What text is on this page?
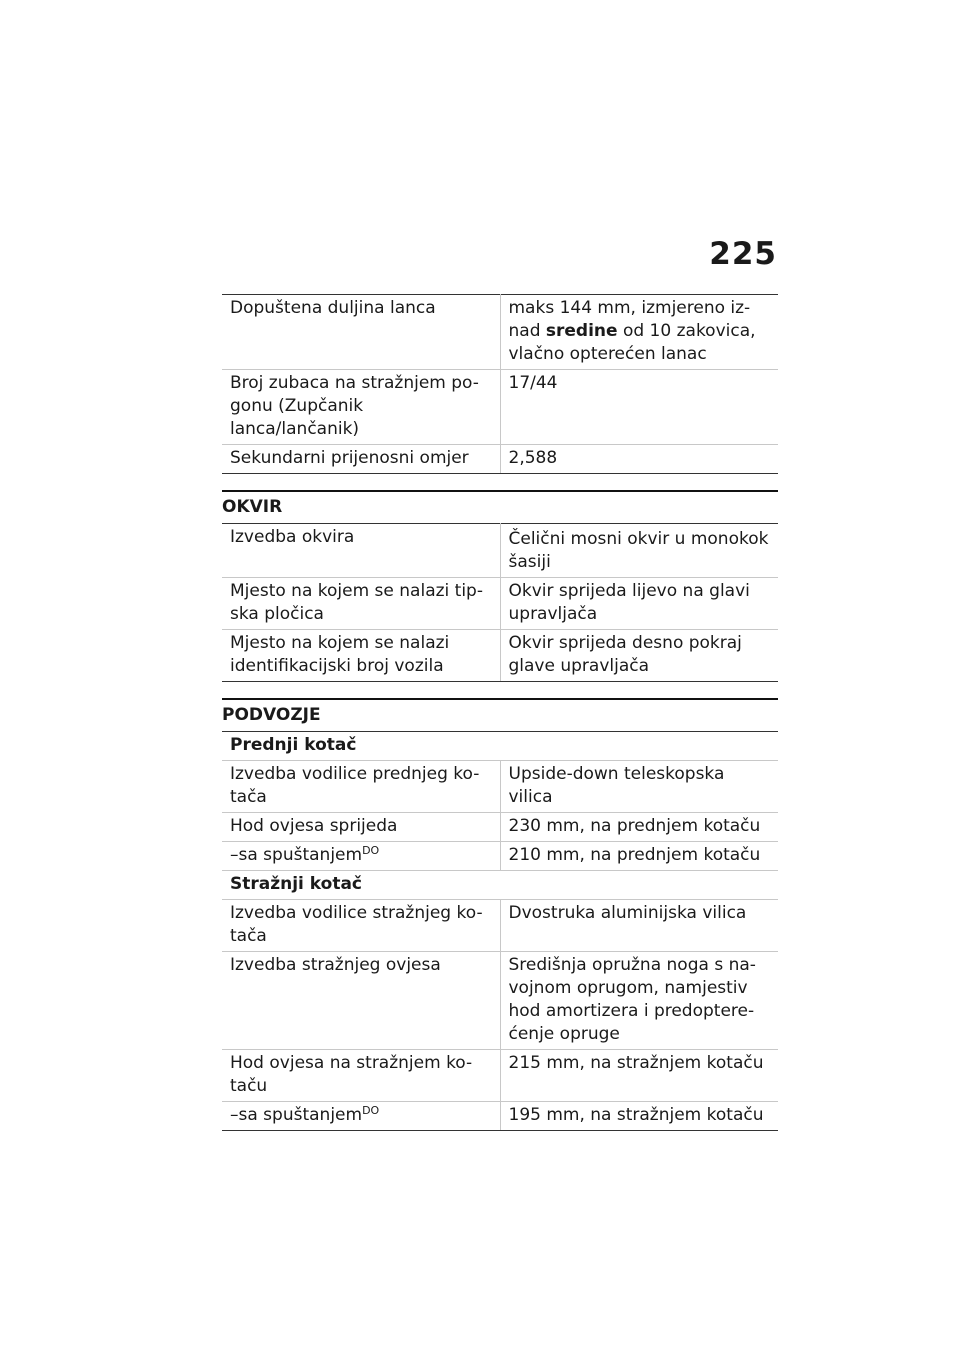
225
Dopuštena duljina lanca	maks 144 mm, izmjereno iz-nad sredine od 10 zakovica, vlačno opterećen lanac
Broj zubaca na stražnjem po-gonu (Zupčanik lanca/lančanik)	17/44
Sekundarni prijenosni omjer	2,588
OKVIR
Izvedba okvira	Čelični mosni okvir u monokok šasiji
Mjesto na kojem se nalazi tip-ska pločica	Okvir sprijeda lijevo na glavi upravljača
Mjesto na kojem se nalazi identifikacijski broj vozila	Okvir sprijeda desno pokraj glave upravljača
PODVOZJE
Prednji kotač	
Izvedba vodilice prednjeg ko-tača	Upside-down teleskopska vilica
Hod ovjesa sprijeda	230 mm, na prednjem kotaču
–sa spuštanjem$^{DO}$	210 mm, na prednjem kotaču
Stražnji kotač	
Izvedba vodilice stražnjeg ko-tača	Dvostruka aluminijska vilica
Izvedba stražnjeg ovjesa	Središnja opružna noga s na-vojnom oprugom, namjestiv hod amortizera i predoptere-ćenje opruge
Hod ovjesa na stražnjem ko-taču	215 mm, na stražnjem kotaču
–sa spuštanjem$^{DO}$	195 mm, na stražnjem kotaču
